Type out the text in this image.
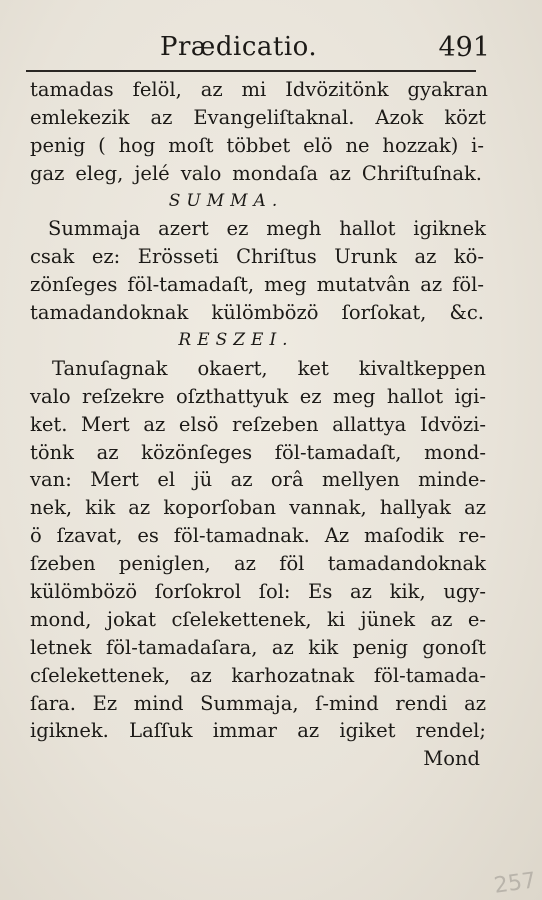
Prædicatio.	491
tamadas felöl, az mi Idvözitönk gyakran
emlekezik az Evangeliſtaknal. Azok közt
penig ( hog moſt többet elö ne hozzak) i-
gaz eleg, jelé valo mondaſa az Chriſtuſnak.
SUMMA.
Summaja azert ez megh hallot igiknek
csak ez: Erösseti Chriſtus Urunk az kö-
zönſeges föl-tamadaſt, meg mutatvân az föl-
tamadandoknak külömbözö ſorſokat, &c.
RESZEI.
Tanuſagnak okaert, ket kivaltkeppen
valo reſzekre oſzthattyuk ez meg hallot igi-
ket. Mert az elsö reſzeben allattya Idvözi-
tönk az közönſeges föl-tamadaſt, mond-
van: Mert el jü az orâ mellyen minde-
nek, kik az koporſoban vannak, hallyak az
ö ſzavat, es föl-tamadnak. Az maſodik re-
ſzeben peniglen, az föl tamadandoknak
külömbözö ſorſokrol ſol: Es az kik, ugy-
mond, jokat cſelekettenek, ki jünek az e-
letnek föl-tamadaſara, az kik penig gonoſt
cſelekettenek, az karhozatnak föl-tamada-
ſara. Ez mind Summaja, ſ-mind rendi az
igiknek. Laſſuk immar az igiket rendel;
Mond
257
